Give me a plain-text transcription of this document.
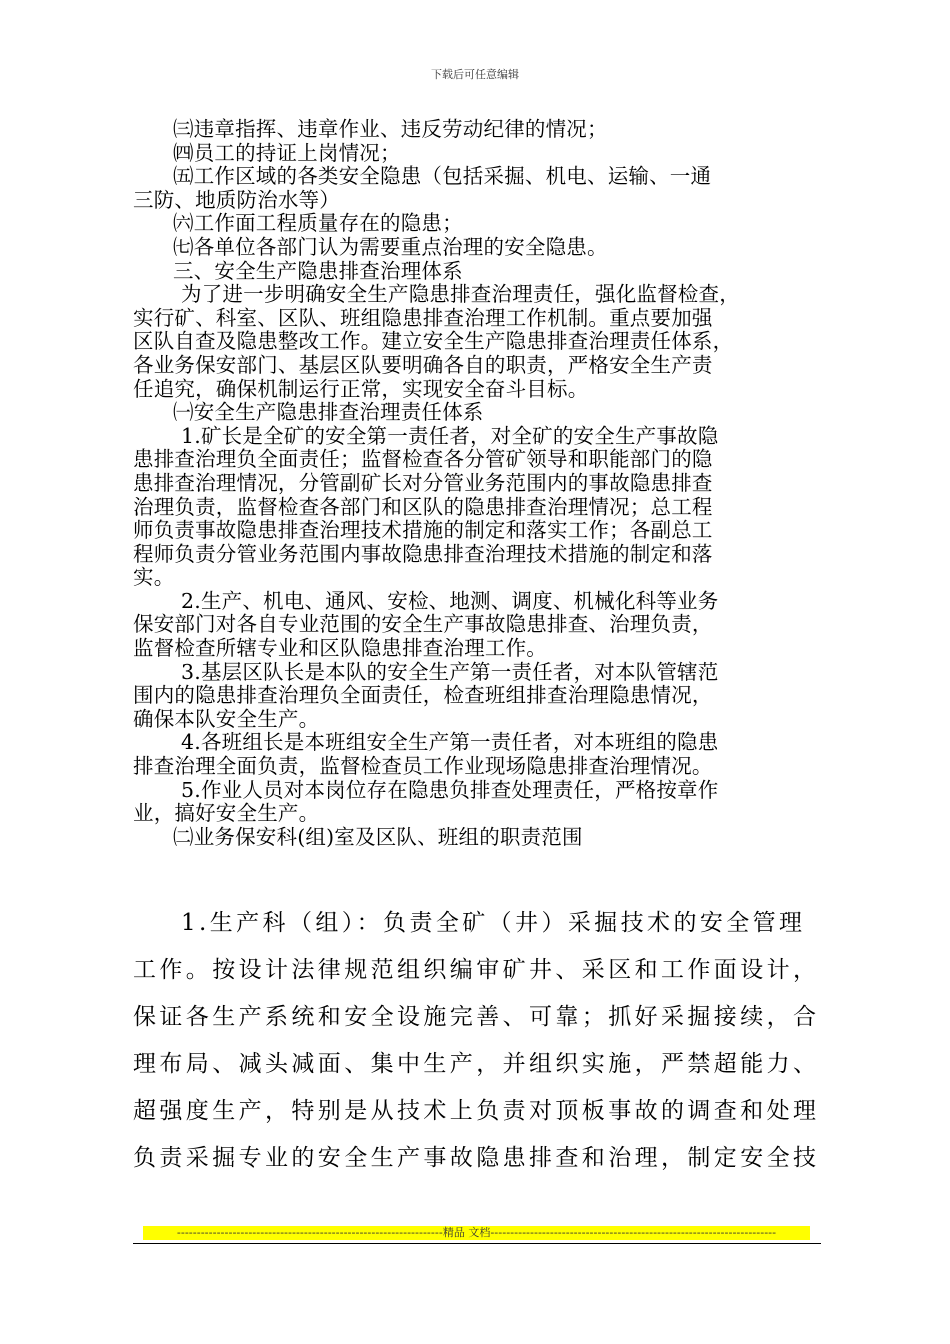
下载后可任意编辑

㈢违章指挥、违章作业、违反劳动纪律的情况；

㈣员工的持证上岗情况；

㈤工作区域的各类安全隐患（包括采掘、机电、运输、一通

三防、地质防治水等）

㈥工作面工程质量存在的隐患；

㈦各单位各部门认为需要重点治理的安全隐患。

三、安全生产隐患排查治理体系

为了进一步明确安全生产隐患排查治理责任，强化监督检查，

实行矿、科室、区队、班组隐患排查治理工作机制。重点要加强

区队自查及隐患整改工作。建立安全生产隐患排查治理责任体系，

各业务保安部门、基层区队要明确各自的职责，严格安全生产责

任追究，确保机制运行正常，实现安全奋斗目标。

㈠安全生产隐患排查治理责任体系

1.矿长是全矿的安全第一责任者，对全矿的安全生产事故隐

患排查治理负全面责任；监督检查各分管矿领导和职能部门的隐

患排查治理情况，分管副矿长对分管业务范围内的事故隐患排查

治理负责，监督检查各部门和区队的隐患排查治理情况；总工程

师负责事故隐患排查治理技术措施的制定和落实工作；各副总工

程师负责分管业务范围内事故隐患排查治理技术措施的制定和落

实。

2.生产、机电、通风、安检、地测、调度、机械化科等业务

保安部门对各自专业范围的安全生产事故隐患排查、治理负责，

监督检查所辖专业和区队隐患排查治理工作。

3.基层区队长是本队的安全生产第一责任者，对本队管辖范

围内的隐患排查治理负全面责任，检查班组排查治理隐患情况，

确保本队安全生产。

4.各班组长是本班组安全生产第一责任者，对本班组的隐患

排查治理全面负责，监督检查员工作业现场隐患排查治理情况。

5.作业人员对本岗位存在隐患负排查处理责任，严格按章作

业，搞好安全生产。

㈡业务保安科(组)室及区队、班组的职责范围

1.生产科（组）：负责全矿（井）采掘技术的安全管理

工作。按设计法律规范组织编审矿井、采区和工作面设计，

保证各生产系统和安全设施完善、可靠；抓好采掘接续，合

理布局、减头减面、集中生产，并组织实施，严禁超能力、

超强度生产，特别是从技术上负责对顶板事故的调查和处理

负责采掘专业的安全生产事故隐患排查和治理，制定安全技

-------------------------------------------------------------------精品 文档------------------------------------------------------------------------
